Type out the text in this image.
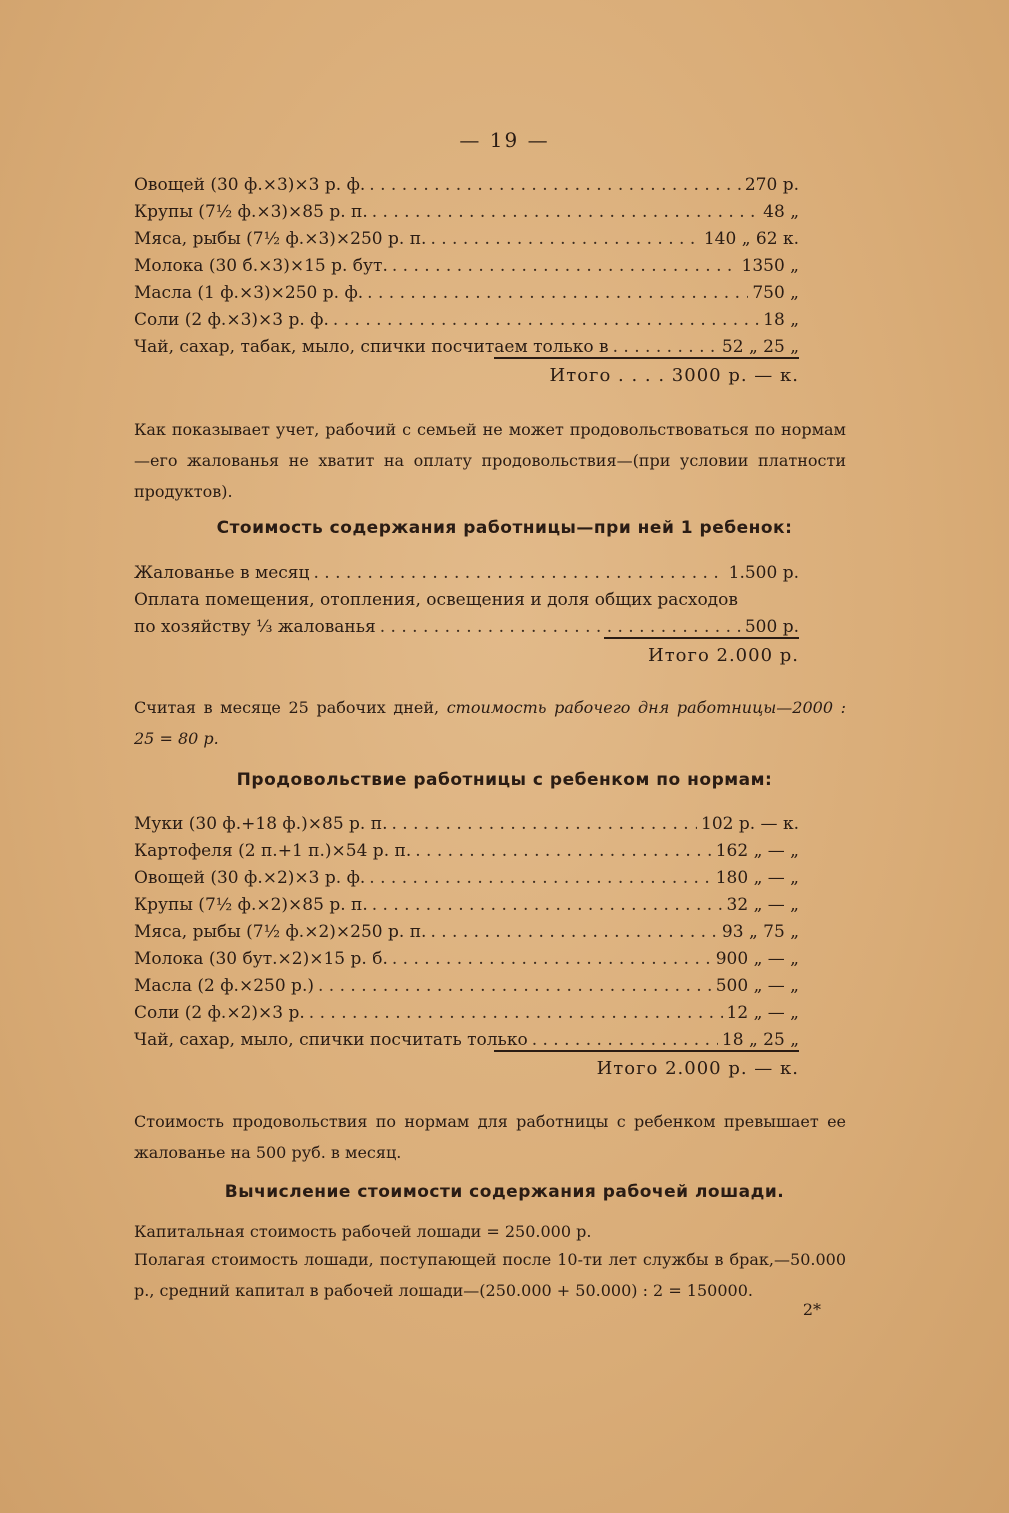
— 19 —
Овощей (30 ф.×3)×3 р. ф. . . .	270 р.
Крупы (7½ ф.×3)×85 р. п. . . .	48 „
Мяса, рыбы (7½ ф.×3)×250 р. п. . . .	140 „ 62 к.
Молока (30 б.×3)×15 р. бут. . . .	1350 „
Масла (1 ф.×3)×250 р. ф. . . .	750 „
Соли (2 ф.×3)×3 р. ф. . . .	18 „
Чай, сахар, табак, мыло, спички посчитаем только в . . .	52 „ 25 „
Итого . . . . 3000 р. — к.
Как показывает учет, рабочий с семьей не может продовольствоваться по нормам—его жалованья не хватит на оплату продовольствия—(при условии платности продуктов).
Стоимость содержания работницы—при ней 1 ребенок:
Жалованье в месяц . . .	1.500 р.
Оплата помещения, отопления, освещения и доля общих расходов
по хозяйству ⅓ жалованья . . .	500 р.
Итого 2.000 р.
Считая в месяце 25 рабочих дней, стоимость рабочего дня работницы—2000 : 25 = 80 р.
Продовольствие работницы с ребенком по нормам:
Муки (30 ф.+18 ф.)×85 р. п. . . .	102 р. — к.
Картофеля (2 п.+1 п.)×54 р. п. . . .	162 „ — „
Овощей (30 ф.×2)×3 р. ф. . . .	180 „ — „
Крупы (7½ ф.×2)×85 р. п. . . .	32 „ — „
Мяса, рыбы (7½ ф.×2)×250 р. п. . . .	93 „ 75 „
Молока (30 бут.×2)×15 р. б. . . .	900 „ — „
Масла (2 ф.×250 р.) . . .	500 „ — „
Соли (2 ф.×2)×3 р. . . .	12 „ — „
Чай, сахар, мыло, спички посчитать только . . .	18 „ 25 „
Итого 2.000 р. — к.
Стоимость продовольствия по нормам для работницы с ребенком превышает ее жалованье на 500 руб. в месяц.
Вычисление стоимости содержания рабочей лошади.
Капитальная стоимость рабочей лошади = 250.000 р.
Полагая стоимость лошади, поступающей после 10-ти лет службы в брак,—50.000 р., средний капитал в рабочей лошади—(250.000 + 50.000) : 2 = 150000.
2*
